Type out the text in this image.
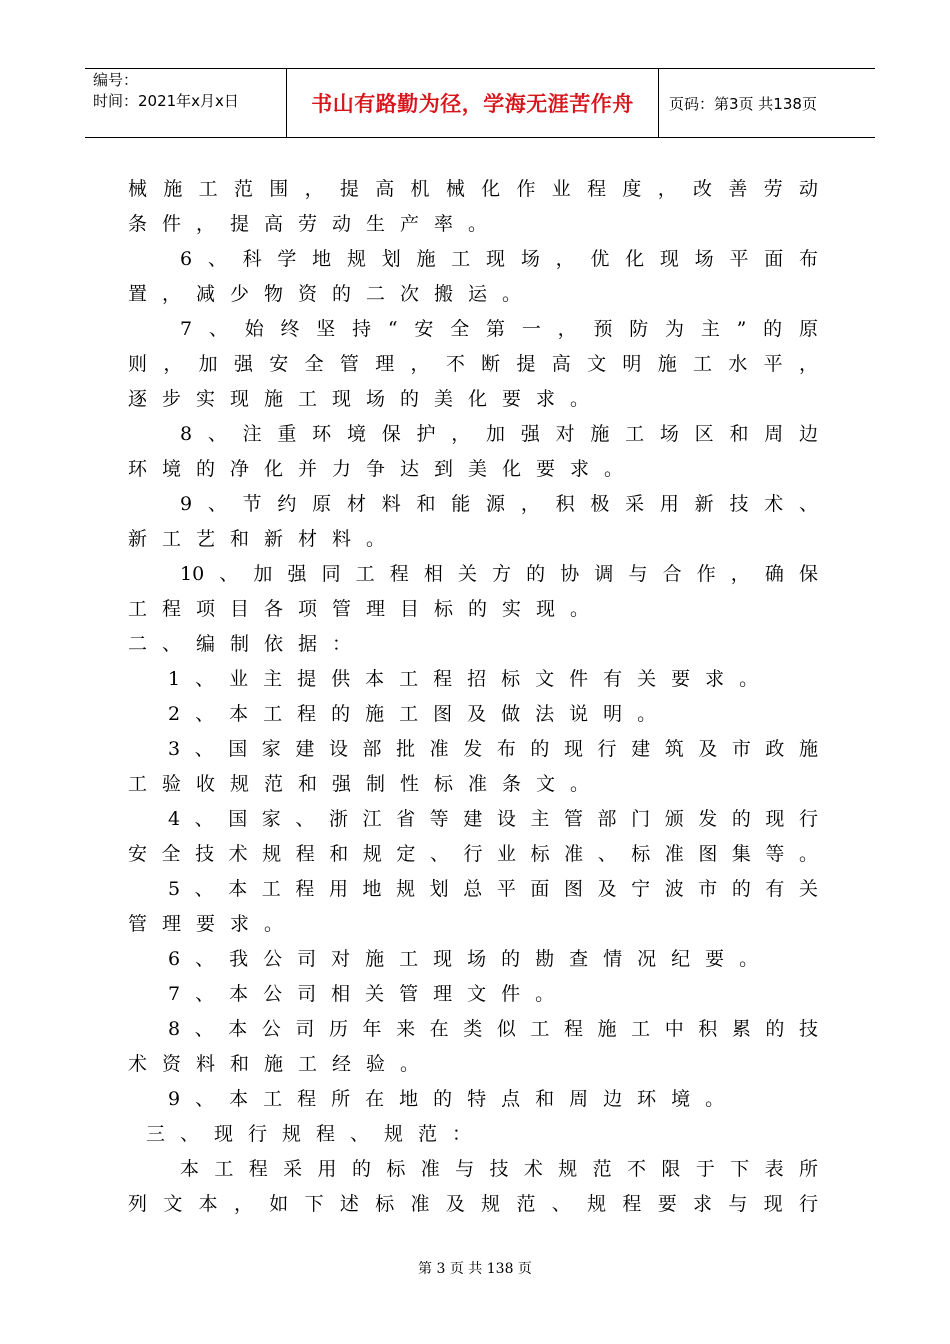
编号：
时间：2021年x月x日	书山有路勤为径，学海无涯苦作舟 页码：第3页 共138页
械施工范围，提高机械化作业程度，改善劳动
条件，提高劳动生产率。
6、科学地规划施工现场，优化现场平面布
置，减少物资的二次搬运。
7、始终坚持“安全第一，预防为主”的原
则，加强安全管理，不断提高文明施工水平，
逐步实现施工现场的美化要求。
8、注重环境保护，加强对施工场区和周边
环境的净化并力争达到美化要求。
9、节约原材料和能源，积极采用新技术、
新工艺和新材料。
10、加强同工程相关方的协调与合作，确保
工程项目各项管理目标的实现。
二、编制依据：
1、业主提供本工程招标文件有关要求。
2、本工程的施工图及做法说明。
3、国家建设部批准发布的现行建筑及市政施
工验收规范和强制性标准条文。
4、国家、浙江省等建设主管部门颁发的现行
安全技术规程和规定、行业标准、标准图集等。
5、本工程用地规划总平面图及宁波市的有关
管理要求。
6、我公司对施工现场的勘查情况纪要。
7、本公司相关管理文件。
8、本公司历年来在类似工程施工中积累的技
术资料和施工经验。
9、本工程所在地的特点和周边环境。
三、现行规程、规范：
本工程采用的标准与技术规范不限于下表所
列文本，如下述标准及规范、规程要求与现行
第 3 页 共 138 页
